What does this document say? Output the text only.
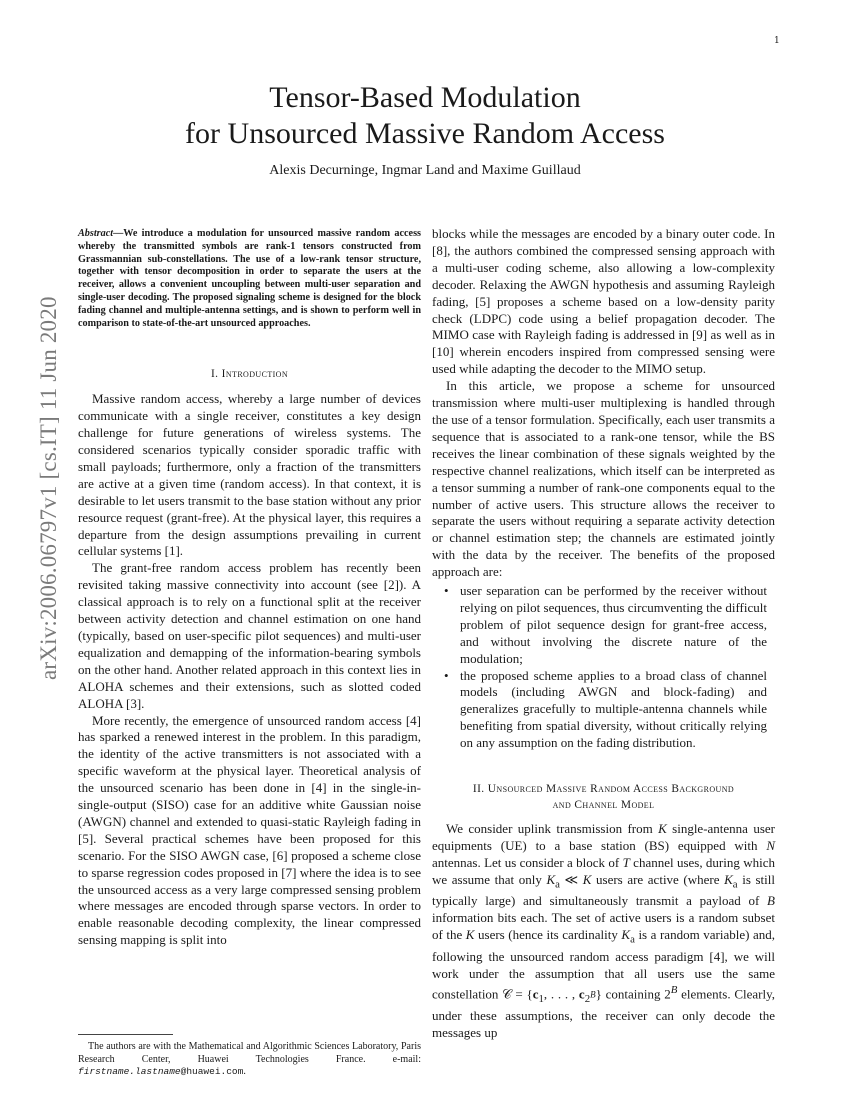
1
arXiv:2006.06797v1 [cs.IT] 11 Jun 2020
Tensor-Based Modulation
for Unsourced Massive Random Access
Alexis Decurninge, Ingmar Land and Maxime Guillaud

Abstract—We introduce a modulation for unsourced massive random access whereby the transmitted symbols are rank-1 tensors constructed from Grassmannian sub-constellations. The use of a low-rank tensor structure, together with tensor decomposition in order to separate the users at the receiver, allows a convenient uncoupling between multi-user separation and single-user decoding. The proposed signaling scheme is designed for the block fading channel and multiple-antenna settings, and is shown to perform well in comparison to state-of-the-art unsourced approaches.

I. Introduction

Massive random access, whereby a large number of devices communicate with a single receiver, constitutes a key design challenge for future generations of wireless systems. The considered scenarios typically consider sporadic traffic with small payloads; furthermore, only a fraction of the transmitters are active at a given time (random access). In that context, it is desirable to let users transmit to the base station without any prior resource request (grant-free). At the physical layer, this requires a departure from the design assumptions prevailing in current cellular systems [1].

The grant-free random access problem has recently been revisited taking massive connectivity into account (see [2]). A classical approach is to rely on a functional split at the receiver between activity detection and channel estimation on one hand (typically, based on user-specific pilot sequences) and multi-user equalization and demapping of the information-bearing symbols on the other hand. Another related approach in this context lies in ALOHA schemes and their extensions, such as slotted coded ALOHA [3].

More recently, the emergence of unsourced random access [4] has sparked a renewed interest in the problem. In this paradigm, the identity of the active transmitters is not associated with a specific waveform at the physical layer. Theoretical analysis of the unsourced scenario has been done in [4] in the single-in-single-output (SISO) case for an additive white Gaussian noise (AWGN) channel and extended to quasi-static Rayleigh fading in [5]. Several practical schemes have been proposed for this scenario. For the SISO AWGN case, [6] proposed a scheme close to sparse regression codes proposed in [7] where the idea is to see the unsourced access as a very large compressed sensing problem where messages are encoded through sparse vectors. In order to enable reasonable decoding complexity, the linear compressed sensing mapping is split into

blocks while the messages are encoded by a binary outer code. In [8], the authors combined the compressed sensing approach with a multi-user coding scheme, also allowing a low-complexity decoder. Relaxing the AWGN hypothesis and assuming Rayleigh fading, [5] proposes a scheme based on a low-density parity check (LDPC) code using a belief propagation decoder. The MIMO case with Rayleigh fading is addressed in [9] as well as in [10] wherein encoders inspired from compressed sensing were used while adapting the decoder to the MIMO setup.

In this article, we propose a scheme for unsourced transmission where multi-user multiplexing is handled through the use of a tensor formulation. Specifically, each user transmits a sequence that is associated to a rank-one tensor, while the BS receives the linear combination of these signals weighted by the respective channel realizations, which itself can be interpreted as a tensor summing a number of rank-one components equal to the number of active users. This structure allows the receiver to separate the users without requiring a separate activity detection or channel estimation step; the channels are estimated jointly with the data by the receiver. The benefits of the proposed approach are:

• user separation can be performed by the receiver without relying on pilot sequences, thus circumventing the difficult problem of pilot sequence design for grant-free access, and without involving the discrete nature of the modulation;
• the proposed scheme applies to a broad class of channel models (including AWGN and block-fading) and generalizes gracefully to multiple-antenna channels while benefiting from spatial diversity, without critically relying on any assumption on the fading distribution.
II. Unsourced Massive Random Access Background
and Channel Model

We consider uplink transmission from K single-antenna user equipments (UE) to a base station (BS) equipped with N antennas. Let us consider a block of T channel uses, during which we assume that only $K_a$ ≪ K users are active (where $K_a$ is still typically large) and simultaneously transmit a payload of B information bits each. The set of active users is a random subset of the K users (hence its cardinality $K_a$ is a random variable) and, following the unsourced random access paradigm [4], we will work under the assumption that all users use the same constellation 𝒞 = {$c_1$, . . . , $c_{2^B}$} containing $2^B$ elements. Clearly, under these assumptions, the receiver can only decode the messages up

The authors are with the Mathematical and Algorithmic Sciences Laboratory, Paris Research Center, Huawei Technologies France. e-mail: firstname.lastname@huawei.com.
